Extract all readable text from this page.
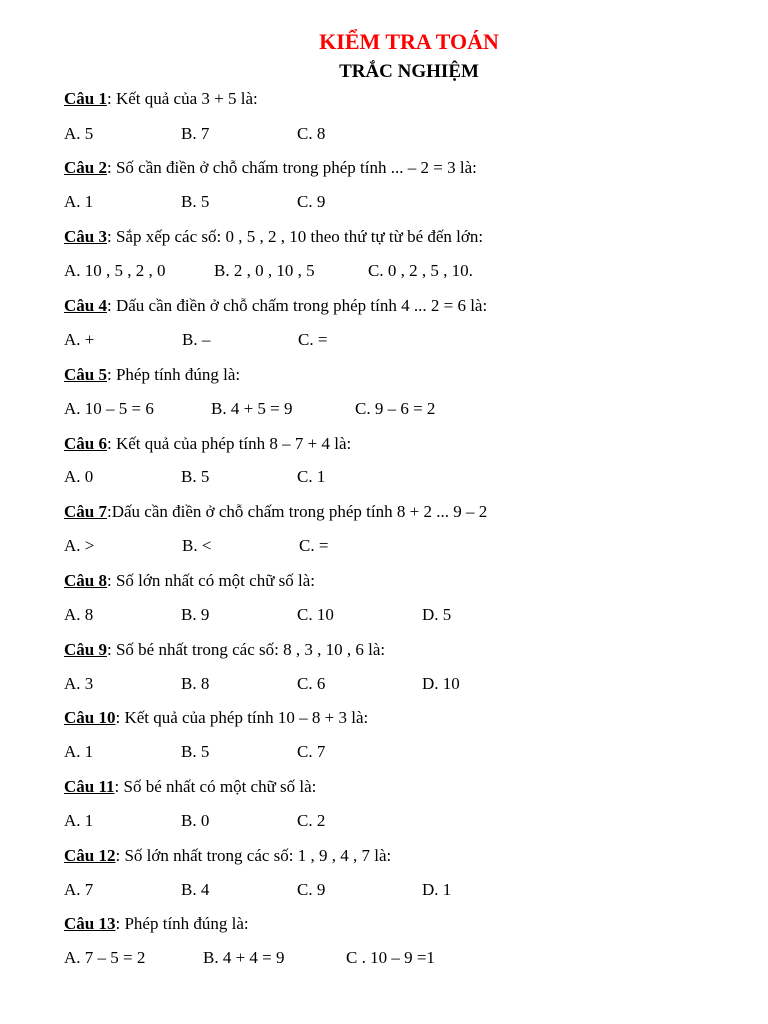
KIỂM TRA TOÁN
TRẮC NGHIỆM
Câu 1: Kết quả của 3 + 5 là:
A. 5	B. 7	C. 8
Câu 2: Số cần điền ở chỗ chấm trong phép tính ... – 2 = 3 là:
A. 1	B. 5	C. 9
Câu 3: Sắp xếp các số: 0 , 5 , 2 , 10 theo thứ tự từ bé đến lớn:
A. 10 , 5 , 2 , 0	B. 2 , 0 , 10 , 5	C. 0 , 2 , 5 , 10.
Câu 4: Dấu cần điền ở chỗ chấm trong phép tính 4 ... 2 = 6 là:
A. +	B. –	C. =
Câu 5: Phép tính đúng là:
A. 10 – 5 = 6	B. 4 + 5 = 9	C. 9 – 6 = 2
Câu 6: Kết quả của phép tính 8 – 7 + 4 là:
A. 0	B. 5	C. 1
Câu 7:Dấu cần điền ở chỗ chấm trong phép tính 8 + 2 ... 9 – 2
A. >	B. <	C. =
Câu 8: Số lớn nhất có một chữ số là:
A. 8	B. 9	C. 10	D. 5
Câu 9: Số bé nhất trong các số: 8 , 3 , 10 , 6 là:
A. 3	B. 8	C. 6	D. 10
Câu 10: Kết quả của phép tính 10 – 8 + 3 là:
A. 1	B. 5	C. 7
Câu 11: Số bé nhất có một chữ số là:
A. 1	B. 0	C. 2
Câu 12: Số lớn nhất trong các số: 1 , 9 , 4 , 7 là:
A. 7	B. 4	C. 9	D. 1
Câu 13: Phép tính đúng là:
A. 7 – 5 = 2	B. 4 + 4 = 9	C . 10 – 9 =1
